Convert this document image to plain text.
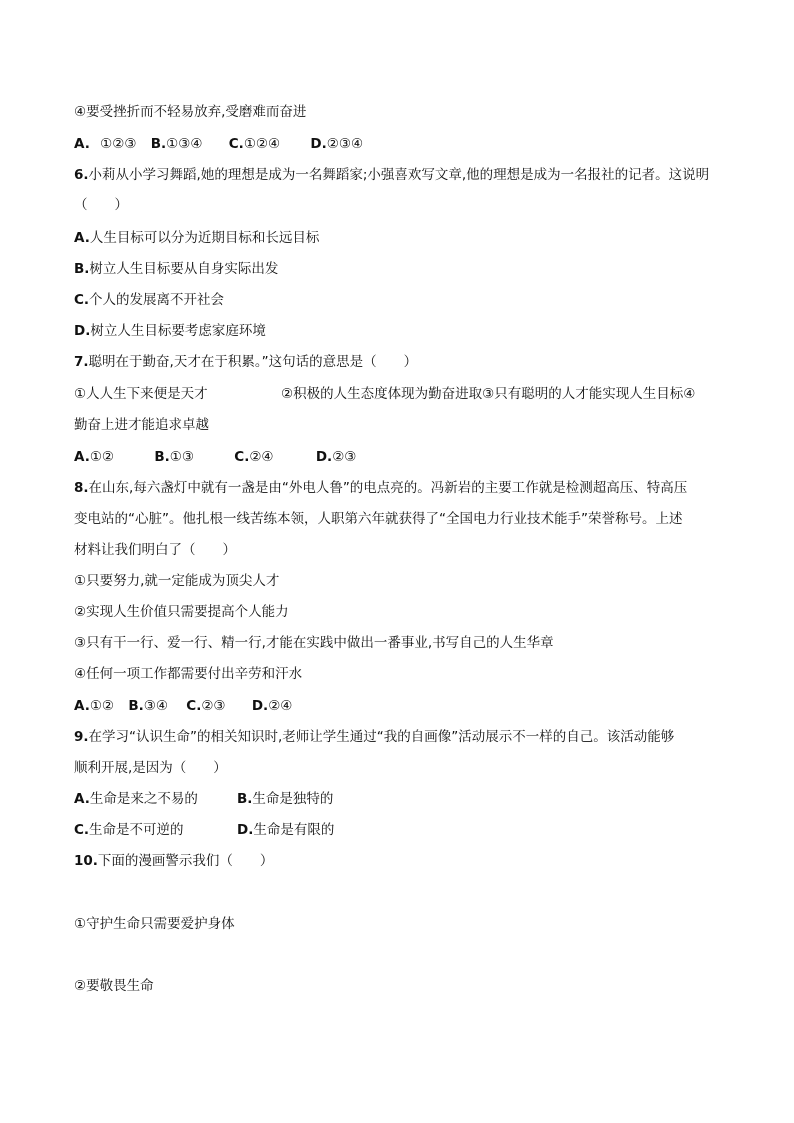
④要受挫折而不轻易放弃,受磨难而奋进
A. ①②③ B.①③④ C.①②④ D.②③④
6.小莉从小学习舞蹈,她的理想是成为一名舞蹈家;小强喜欢写文章,他的理想是成为一名报社的记者。这说明
（　　）
A.人生目标可以分为近期目标和长远目标
B.树立人生目标要从自身实际出发
C.个人的发展离不开社会
D.树立人生目标要考虑家庭环境
7.聪明在于勤奋,天才在于积累。”这句话的意思是（　　）
①人人生下来便是天才	②积极的人生态度体现为勤奋进取③只有聪明的人才能实现人生目标④
勤奋上进才能追求卓越
A.①②	B.①③	C.②④	D.②③
8.在山东,每六盏灯中就有一盏是由“外电人鲁”的电点亮的。冯新岩的主要工作就是检测超高压、特高压
变电站的“心脏”。他扎根一线苦练本领，人职第六年就获得了“全国电力行业技术能手”荣誉称号。上述
材料让我们明白了（　　）
①只要努力,就一定能成为顶尖人才
②实现人生价值只需要提高个人能力
③只有干一行、爱一行、精一行,才能在实践中做出一番事业,书写自己的人生华章
④任何一项工作都需要付出辛劳和汗水
A.①② B.③④ C.②③ D.②④
9.在学习“认识生命”的相关知识时,老师让学生通过“我的自画像”活动展示不一样的自己。该活动能够
顺利开展,是因为（　　）
A.生命是来之不易的	B.生命是独特的
C.生命是不可逆的	D.生命是有限的
10.下面的漫画警示我们（　　）
①守护生命只需要爱护身体
②要敬畏生命
